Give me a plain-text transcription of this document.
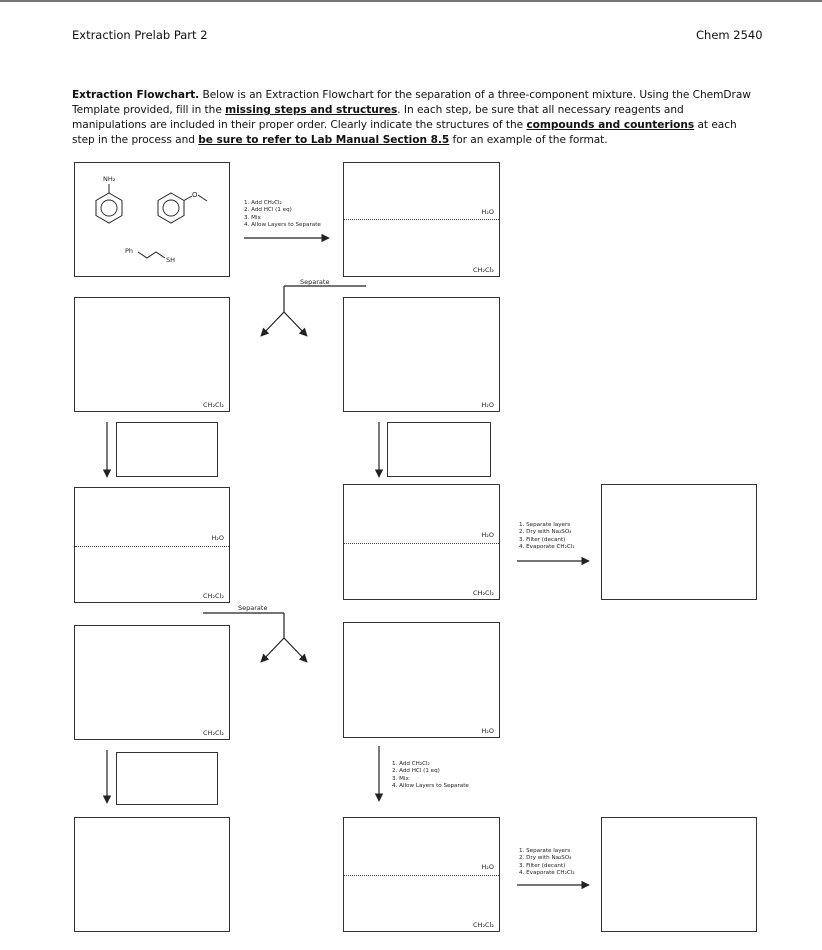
Extraction Prelab Part 2	Chem 2540
Extraction Flowchart. Below is an Extraction Flowchart for the separation of a three-component mixture. Using the ChemDraw Template provided, fill in the missing steps and structures. In each step, be sure that all necessary reagents and manipulations are included in their proper order. Clearly indicate the structures of the compounds and counterions at each step in the process and be sure to refer to Lab Manual Section 8.5 for an example of the format.
O
NH₂
Ph
SH
1. Add CH₂Cl₂
2. Add HCl (1 eq)
3. Mix
4. Allow Layers to Separate
H₂O
CH₂Cl₂
Separate
CH₂Cl₂	H₂O
H₂O
CH₂Cl₂
H₂O
CH₂Cl₂
1. Separate layers
2. Dry with Na₂SO₄
3. Filter (decant)
4. Evaporate CH₂Cl₂
Separate
CH₂Cl₂	H₂O
1. Add CH₂Cl₂
2. Add HCl (1 eq)
3. Mix
4. Allow Layers to Separate
H₂O
CH₂Cl₂
1. Separate layers
2. Dry with Na₂SO₄
3. Filter (decant)
4. Evaporate CH₂Cl₂
